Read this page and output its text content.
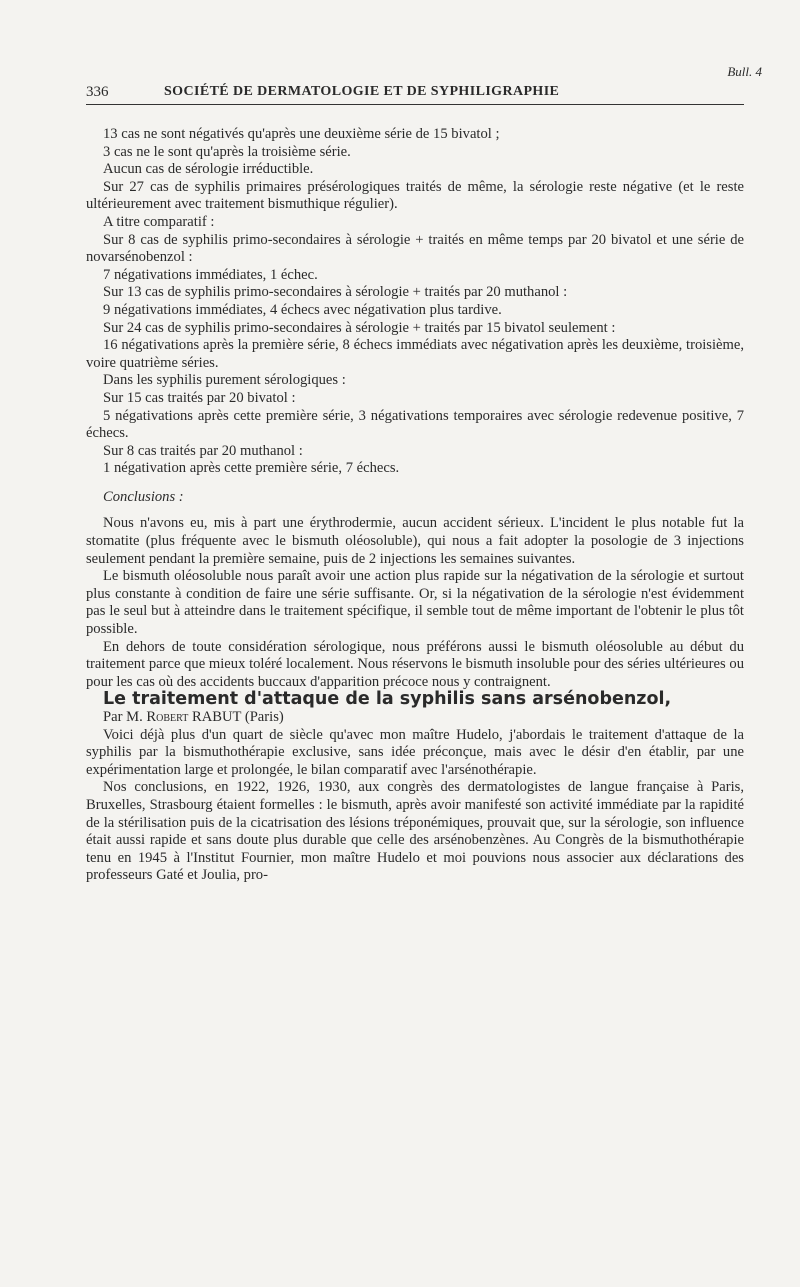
Bull. 4
336	SOCIÉTÉ DE DERMATOLOGIE ET DE SYPHILIGRAPHIE

13 cas ne sont négativés qu'après une deuxième série de 15 bivatol ;

3 cas ne le sont qu'après la troisième série.

Aucun cas de sérologie irréductible.

Sur 27 cas de syphilis primaires présérologiques traités de même, la sérologie reste négative (et le reste ultérieurement avec traitement bismuthique régulier).

A titre comparatif :

Sur 8 cas de syphilis primo-secondaires à sérologie + traités en même temps par 20 bivatol et une série de novarsénobenzol :

7 négativations immédiates, 1 échec.

Sur 13 cas de syphilis primo-secondaires à sérologie + traités par 20 muthanol :

9 négativations immédiates, 4 échecs avec négativation plus tardive.

Sur 24 cas de syphilis primo-secondaires à sérologie + traités par 15 bivatol seulement :

16 négativations après la première série, 8 échecs immédiats avec négativation après les deuxième, troisième, voire quatrième séries.

Dans les syphilis purement sérologiques :

Sur 15 cas traités par 20 bivatol :

5 négativations après cette première série, 3 négativations temporaires avec sérologie redevenue positive, 7 échecs.

Sur 8 cas traités par 20 muthanol :

1 négativation après cette première série, 7 échecs.

Conclusions :

Nous n'avons eu, mis à part une érythrodermie, aucun accident sérieux. L'incident le plus notable fut la stomatite (plus fréquente avec le bismuth oléosoluble), qui nous a fait adopter la posologie de 3 injections seulement pendant la première semaine, puis de 2 injections les semaines suivantes.

Le bismuth oléosoluble nous paraît avoir une action plus rapide sur la négativation de la sérologie et surtout plus constante à condition de faire une série suffisante. Or, si la négativation de la sérologie n'est évidemment pas le seul but à atteindre dans le traitement spécifique, il semble tout de même important de l'obtenir le plus tôt possible.

En dehors de toute considération sérologique, nous préférons aussi le bismuth oléosoluble au début du traitement parce que mieux toléré localement. Nous réservons le bismuth insoluble pour des séries ultérieures ou pour les cas où des accidents buccaux d'apparition précoce nous y contraignent.

Le traitement d'attaque de la syphilis sans arsénobenzol,

Par M. Robert RABUT (Paris)

Voici déjà plus d'un quart de siècle qu'avec mon maître Hudelo, j'abordais le traitement d'attaque de la syphilis par la bismuthothérapie exclusive, sans idée préconçue, mais avec le désir d'en établir, par une expérimentation large et prolongée, le bilan comparatif avec l'arsénothérapie.

Nos conclusions, en 1922, 1926, 1930, aux congrès des dermatologistes de langue française à Paris, Bruxelles, Strasbourg étaient formelles : le bismuth, après avoir manifesté son activité immédiate par la rapidité de la stérilisation puis de la cicatrisation des lésions tréponémiques, prouvait que, sur la sérologie, son influence était aussi rapide et sans doute plus durable que celle des arsénobenzènes. Au Congrès de la bismuthothérapie tenu en 1945 à l'Institut Fournier, mon maître Hudelo et moi pouvions nous associer aux déclarations des professeurs Gaté et Joulia, pro-
